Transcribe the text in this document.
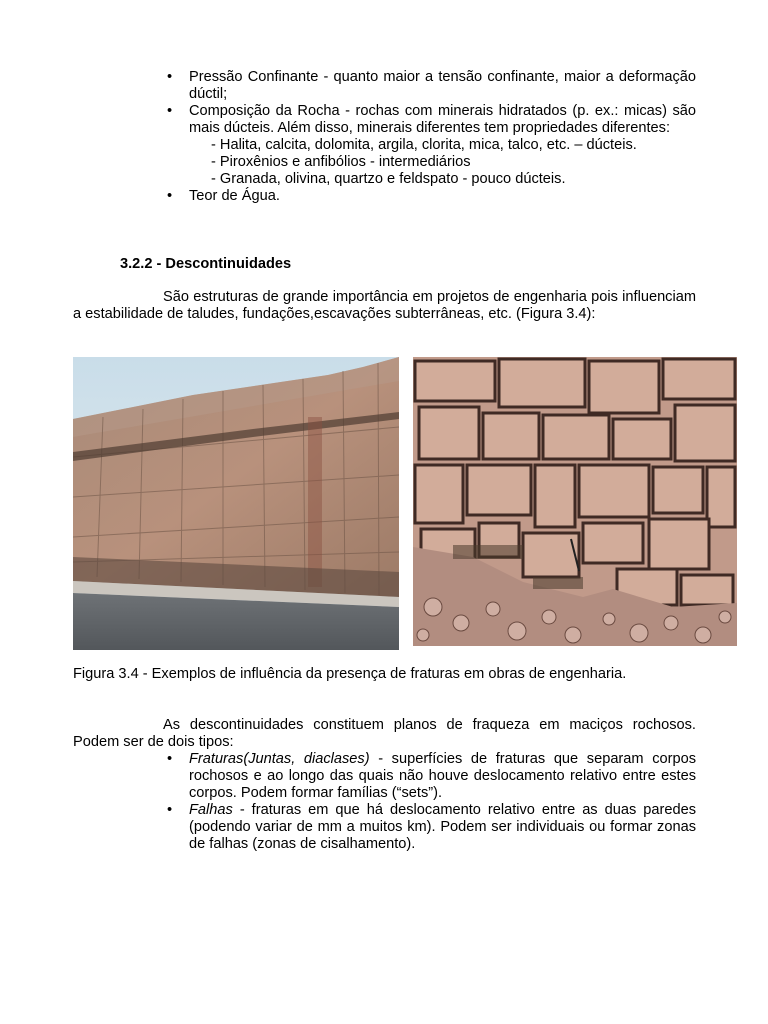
• Pressão Confinante - quanto maior a tensão confinante, maior a deformação dúctil;
• Composição da Rocha - rochas com minerais hidratados (p. ex.: micas) são mais dúcteis. Além disso, minerais diferentes tem propriedades diferentes:
- Halita, calcita, dolomita, argila, clorita, mica, talco, etc. – dúcteis.
- Piroxênios e anfibólios - intermediários
- Granada, olivina, quartzo e feldspato - pouco dúcteis.
• Teor de Água.
3.2.2 - Descontinuidades
São estruturas de grande importância em projetos de engenharia pois influenciam a estabilidade de taludes, fundações,escavações subterrâneas, etc. (Figura 3.4):
Figura 3.4 - Exemplos de influência da presença de fraturas em obras de engenharia.
As descontinuidades constituem planos de fraqueza em maciços rochosos. Podem ser de dois tipos:
• Fraturas(Juntas, diaclases) - superfícies de fraturas que separam corpos rochosos e ao longo das quais não houve deslocamento relativo entre estes corpos. Podem formar famílias (“sets”).
• Falhas - fraturas em que há deslocamento relativo entre as duas paredes (podendo variar de mm a muitos km). Podem ser individuais ou formar zonas de falhas (zonas de cisalhamento).
